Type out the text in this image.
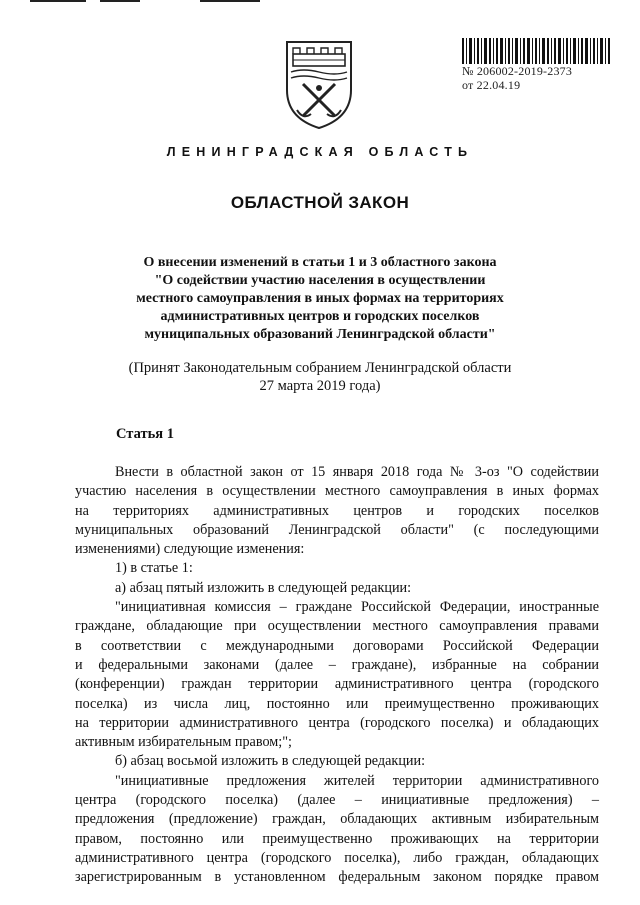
№ 206002-2019-2373
от 22.04.19
ЛЕНИНГРАДСКАЯ ОБЛАСТЬ
ОБЛАСТНОЙ ЗАКОН
О внесении изменений в статьи 1 и 3 областного закона
"О содействии участию населения в осуществлении
местного самоуправления в иных формах на территориях
административных центров и городских поселков
муниципальных образований Ленинградской области"
(Принят Законодательным собранием Ленинградской области
27 марта 2019 года)
Статья 1

Внести в областной закон от 15 января 2018 года № 3-оз "О содействии

участию населения в осуществлении местного самоуправления в иных формах

на территориях административных центров и городских поселков

муниципальных образований Ленинградской области" (с последующими

изменениями) следующие изменения:

1) в статье 1:

а) абзац пятый изложить в следующей редакции:

"инициативная комиссия – граждане Российской Федерации, иностранные

граждане, обладающие при осуществлении местного самоуправления правами

в соответствии с международными договорами Российской Федерации

и федеральными законами (далее – граждане), избранные на собрании

(конференции) граждан территории административного центра (городского

поселка) из числа лиц, постоянно или преимущественно проживающих

на территории административного центра (городского поселка) и обладающих

активным избирательным правом;";

б) абзац восьмой изложить в следующей редакции:

"инициативные предложения жителей территории административного

центра (городского поселка) (далее – инициативные предложения) –

предложения (предложение) граждан, обладающих активным избирательным

правом, постоянно или преимущественно проживающих на территории

административного центра (городского поселка), либо граждан, обладающих

зарегистрированным в установленном федеральным законом порядке правом
